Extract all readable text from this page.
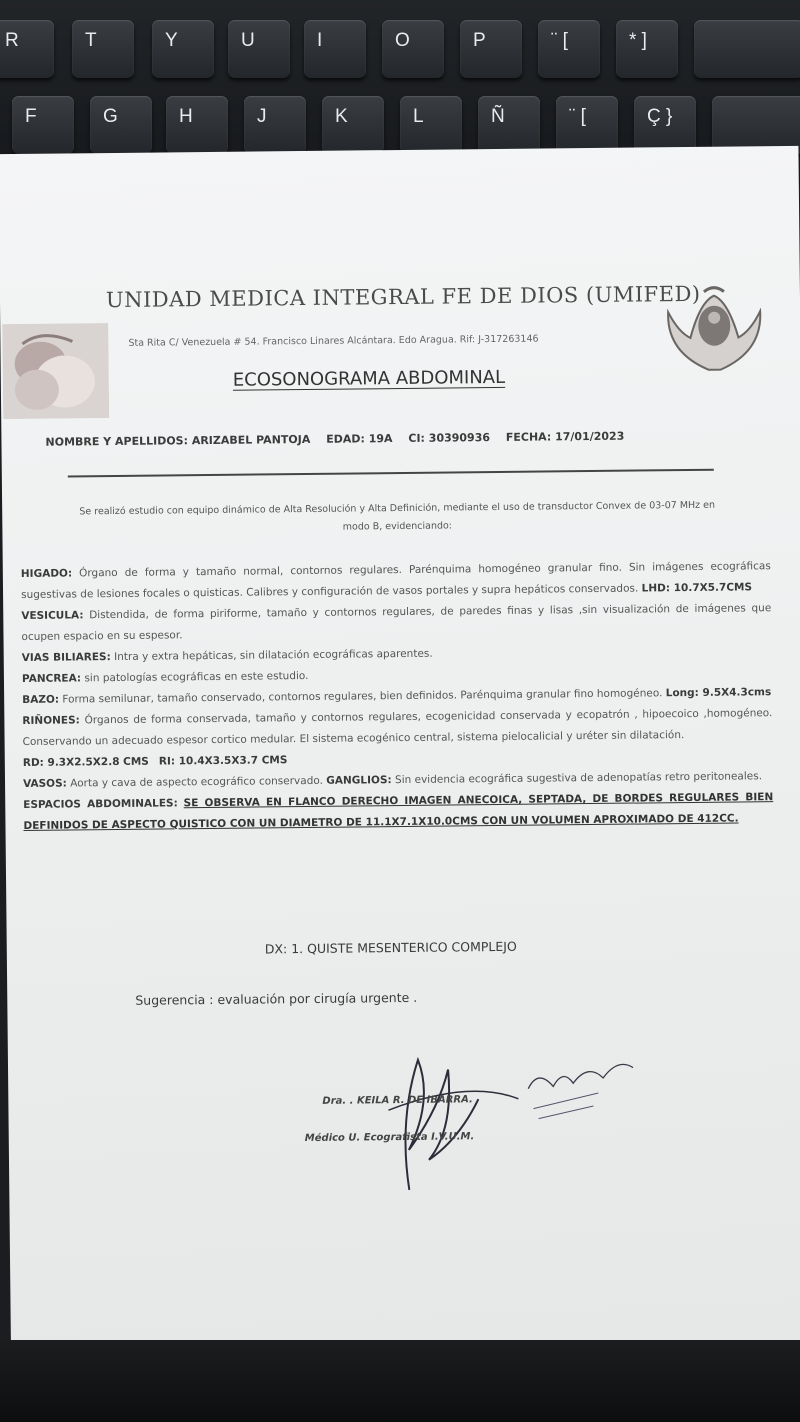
R	T	Y	U	I	O	P	¨ [	* ]
F	G	H	J	K	L	Ñ	¨ [	Ç }
UNIDAD MEDICA INTEGRAL FE DE DIOS (UMIFED)
Sta Rita C/ Venezuela # 54. Francisco Linares Alcántara. Edo Aragua. Rif: J-317263146
ECOSONOGRAMA ABDOMINAL
NOMBRE Y APELLIDOS: ARIZABEL PANTOJA EDAD: 19A CI: 30390936 FECHA: 17/01/2023
Se realizó estudio con equipo dinámico de Alta Resolución y Alta Definición, mediante el uso de transductor Convex de 03-07 MHz en modo B, evidenciando:

HIGADO: Órgano de forma y tamaño normal, contornos regulares. Parénquima homogéneo granular fino. Sin imágenes ecográficas sugestivas de lesiones focales o quisticas. Calibres y configuración de vasos portales y supra hepáticos conservados. LHD: 10.7X5.7CMS

VESICULA: Distendida, de forma piriforme, tamaño y contornos regulares, de paredes finas y lisas ,sin visualización de imágenes que ocupen espacio en su espesor.

VIAS BILIARES: Intra y extra hepáticas, sin dilatación ecográficas aparentes.

PANCREA: sin patologías ecográficas en este estudio.

BAZO: Forma semilunar, tamaño conservado, contornos regulares, bien definidos. Parénquima granular fino homogéneo. Long: 9.5X4.3cms

RIÑONES: Órganos de forma conservada, tamaño y contornos regulares, ecogenicidad conservada y ecopatrón , hipoecoico ,homogéneo. Conservando un adecuado espesor cortico medular. El sistema ecogénico central, sistema pielocalicial y uréter sin dilatación.

RD: 9.3X2.5X2.8 CMS RI: 10.4X3.5X3.7 CMS

VASOS: Aorta y cava de aspecto ecográfico conservado. GANGLIOS: Sin evidencia ecográfica sugestiva de adenopatías retro peritoneales.

ESPACIOS ABDOMINALES: SE OBSERVA EN FLANCO DERECHO IMAGEN ANECOICA, SEPTADA, DE BORDES REGULARES BIEN DEFINIDOS DE ASPECTO QUISTICO CON UN DIAMETRO DE 11.1X7.1X10.0CMS CON UN VOLUMEN APROXIMADO DE 412CC.

DX: 1. QUISTE MESENTERICO COMPLEJO
Sugerencia : evaluación por cirugía urgente .
Dra. . KEILA R. DE IBARRA.
Médico U. Ecografista I.V.U.M.
